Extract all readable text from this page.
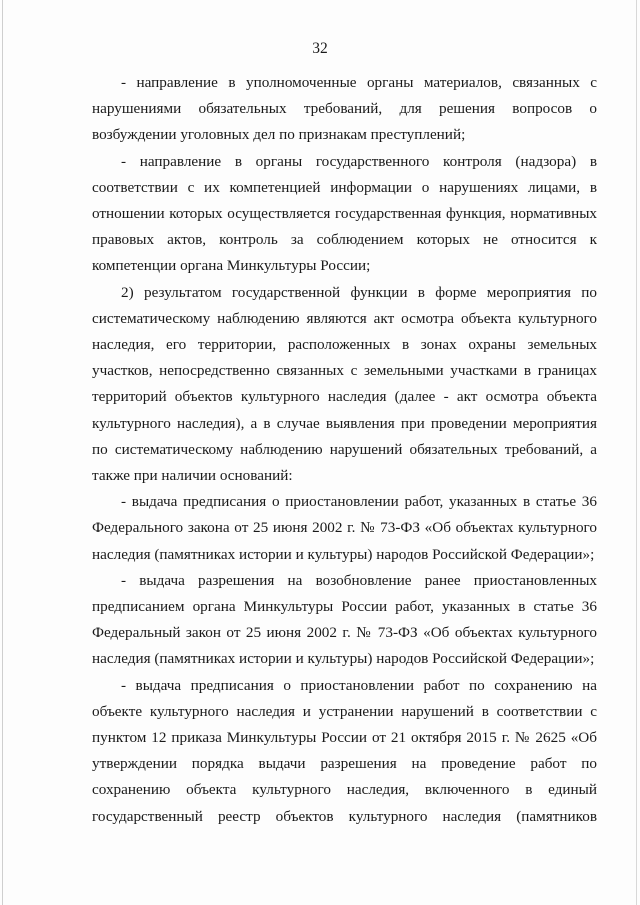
32

- направление в уполномоченные органы материалов, связанных с нарушениями обязательных требований, для решения вопросов о возбуждении уголовных дел по признакам преступлений;

- направление в органы государственного контроля (надзора) в соответствии с их компетенцией информации о нарушениях лицами, в отношении которых осуществляется государственная функция, нормативных правовых актов, контроль за соблюдением которых не относится к компетенции органа Минкультуры России;

2) результатом государственной функции в форме мероприятия по систематическому наблюдению являются акт осмотра объекта культурного наследия, его территории, расположенных в зонах охраны земельных участков, непосредственно связанных с земельными участками в границах территорий объектов культурного наследия (далее - акт осмотра объекта культурного наследия), а в случае выявления при проведении мероприятия по систематическому наблюдению нарушений обязательных требований, а также при наличии оснований:

- выдача предписания о приостановлении работ, указанных в статье 36 Федерального закона от 25 июня 2002 г. № 73-ФЗ «Об объектах культурного наследия (памятниках истории и культуры) народов Российской Федерации»;

- выдача разрешения на возобновление ранее приостановленных предписанием органа Минкультуры России работ, указанных в статье 36 Федеральный закон от 25 июня 2002 г. № 73-ФЗ «Об объектах культурного наследия (памятниках истории и культуры) народов Российской Федерации»;

- выдача предписания о приостановлении работ по сохранению на объекте культурного наследия и устранении нарушений в соответствии с пунктом 12 приказа Минкультуры России от 21 октября 2015 г. № 2625 «Об утверждении порядка выдачи разрешения на проведение работ по сохранению объекта культурного наследия, включенного в единый государственный реестр объектов культурного наследия (памятников
